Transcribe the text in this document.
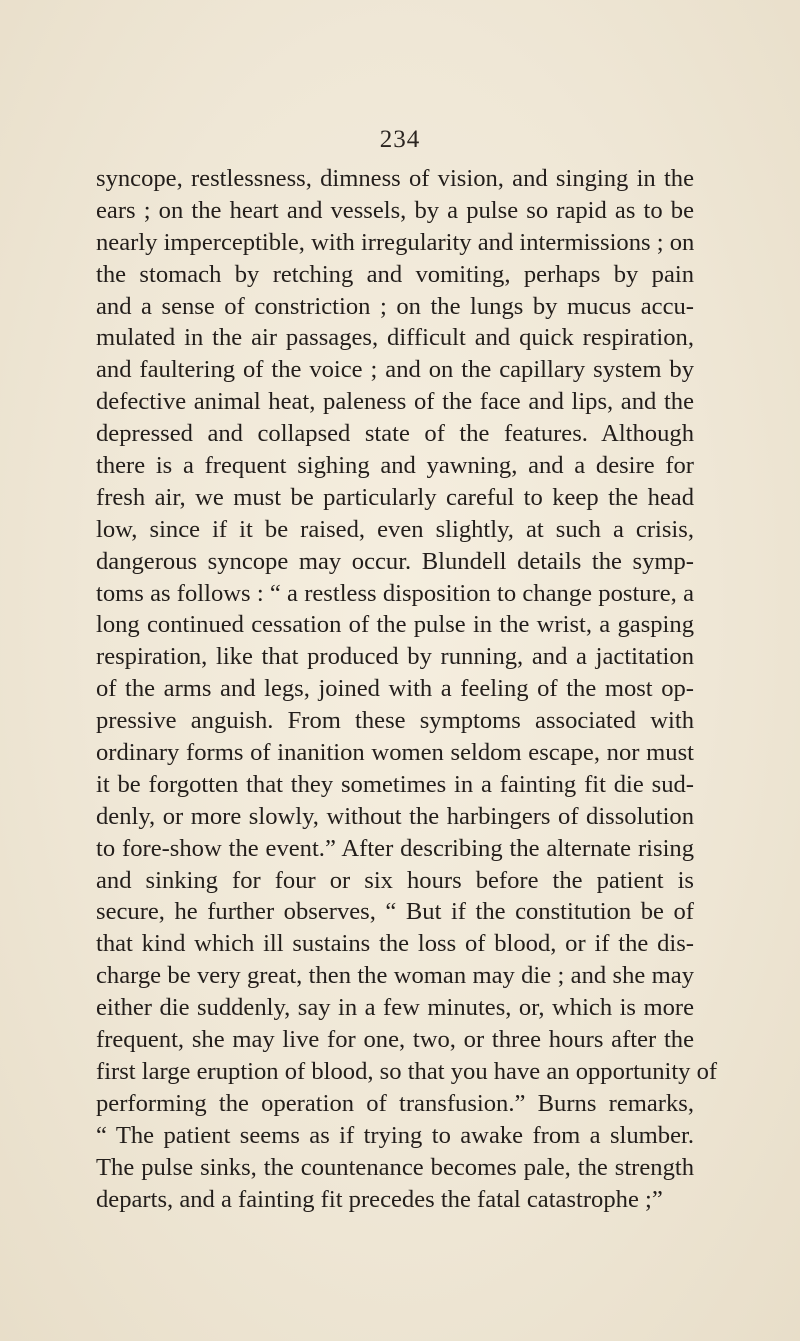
234
syncope, restlessness, dimness of vision, and singing in the
ears ; on the heart and vessels, by a pulse so rapid as to be
nearly imperceptible, with irregularity and intermissions ; on
the stomach by retching and vomiting, perhaps by pain
and a sense of constriction ; on the lungs by mucus accu-
mulated in the air passages, difficult and quick respiration,
and faultering of the voice ; and on the capillary system by
defective animal heat, paleness of the face and lips, and the
depressed and collapsed state of the features. Although
there is a frequent sighing and yawning, and a desire for
fresh air, we must be particularly careful to keep the head
low, since if it be raised, even slightly, at such a crisis,
dangerous syncope may occur. Blundell details the symp-
toms as follows : “ a restless disposition to change posture, a
long continued cessation of the pulse in the wrist, a gasping
respiration, like that produced by running, and a jactitation
of the arms and legs, joined with a feeling of the most op-
pressive anguish. From these symptoms associated with
ordinary forms of inanition women seldom escape, nor must
it be forgotten that they sometimes in a fainting fit die sud-
denly, or more slowly, without the harbingers of dissolution
to fore-show the event.” After describing the alternate rising
and sinking for four or six hours before the patient is
secure, he further observes, “ But if the constitution be of
that kind which ill sustains the loss of blood, or if the dis-
charge be very great, then the woman may die ; and she may
either die suddenly, say in a few minutes, or, which is more
frequent, she may live for one, two, or three hours after the
first large eruption of blood, so that you have an opportunity of
performing the operation of transfusion.” Burns remarks,
“ The patient seems as if trying to awake from a slumber.
The pulse sinks, the countenance becomes pale, the strength
departs, and a fainting fit precedes the fatal catastrophe ;”
